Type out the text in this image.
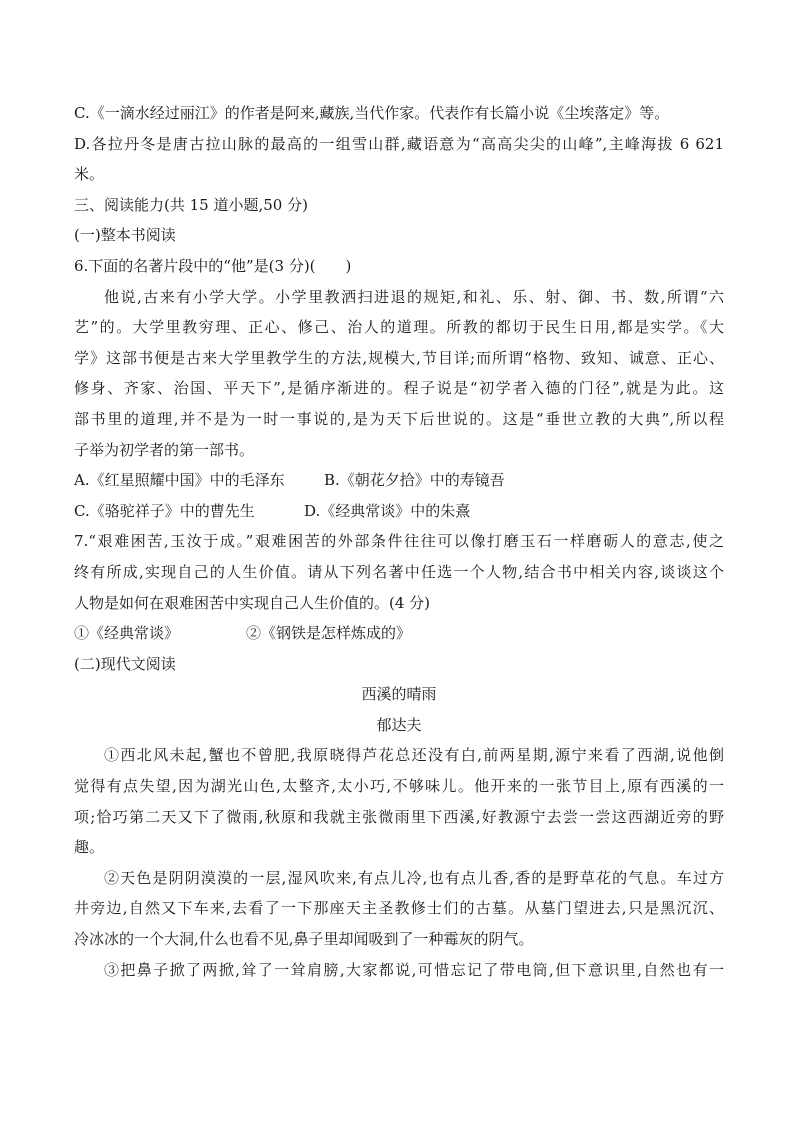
C.《一滴水经过丽江》的作者是阿来,藏族,当代作家。代表作有长篇小说《尘埃落定》等。
D.各拉丹冬是唐古拉山脉的最高的一组雪山群,藏语意为“高高尖尖的山峰”,主峰海拔 6 621
米。
三、阅读能力(共 15 道小题,50 分)
(一)整本书阅读
6.下面的名著片段中的“他”是(3 分)(　　)
他说,古来有小学大学。小学里教洒扫进退的规矩,和礼、乐、射、御、书、数,所谓“六
艺”的。大学里教穷理、正心、修己、治人的道理。所教的都切于民生日用,都是实学。《大
学》这部书便是古来大学里教学生的方法,规模大,节目详;而所谓“格物、致知、诚意、正心、
修身、齐家、治国、平天下”,是循序渐进的。程子说是“初学者入德的门径”,就是为此。这
部书里的道理,并不是为一时一事说的,是为天下后世说的。这是“垂世立教的大典”,所以程
子举为初学者的第一部书。
A.《红星照耀中国》中的毛泽东	B.《朝花夕拾》中的寿镜吾
C.《骆驼祥子》中的曹先生	D.《经典常谈》中的朱熹
7.“艰难困苦,玉汝于成。”艰难困苦的外部条件往往可以像打磨玉石一样磨砺人的意志,使之
终有所成,实现自己的人生价值。请从下列名著中任选一个人物,结合书中相关内容,谈谈这个
人物是如何在艰难困苦中实现自己人生价值的。(4 分)
①《经典常谈》	②《钢铁是怎样炼成的》
(二)现代文阅读
西溪的晴雨
郁达夫
①西北风未起,蟹也不曾肥,我原晓得芦花总还没有白,前两星期,源宁来看了西湖,说他倒
觉得有点失望,因为湖光山色,太整齐,太小巧,不够味儿。他开来的一张节目上,原有西溪的一
项;恰巧第二天又下了微雨,秋原和我就主张微雨里下西溪,好教源宁去尝一尝这西湖近旁的野
趣。
②天色是阴阴漠漠的一层,湿风吹来,有点儿冷,也有点儿香,香的是野草花的气息。车过方
井旁边,自然又下车来,去看了一下那座天主圣教修士们的古墓。从墓门望进去,只是黑沉沉、
冷冰冰的一个大洞,什么也看不见,鼻子里却闻吸到了一种霉灰的阴气。
③把鼻子掀了两掀,耸了一耸肩膀,大家都说,可惜忘记了带电筒,但下意识里,自然也有一
